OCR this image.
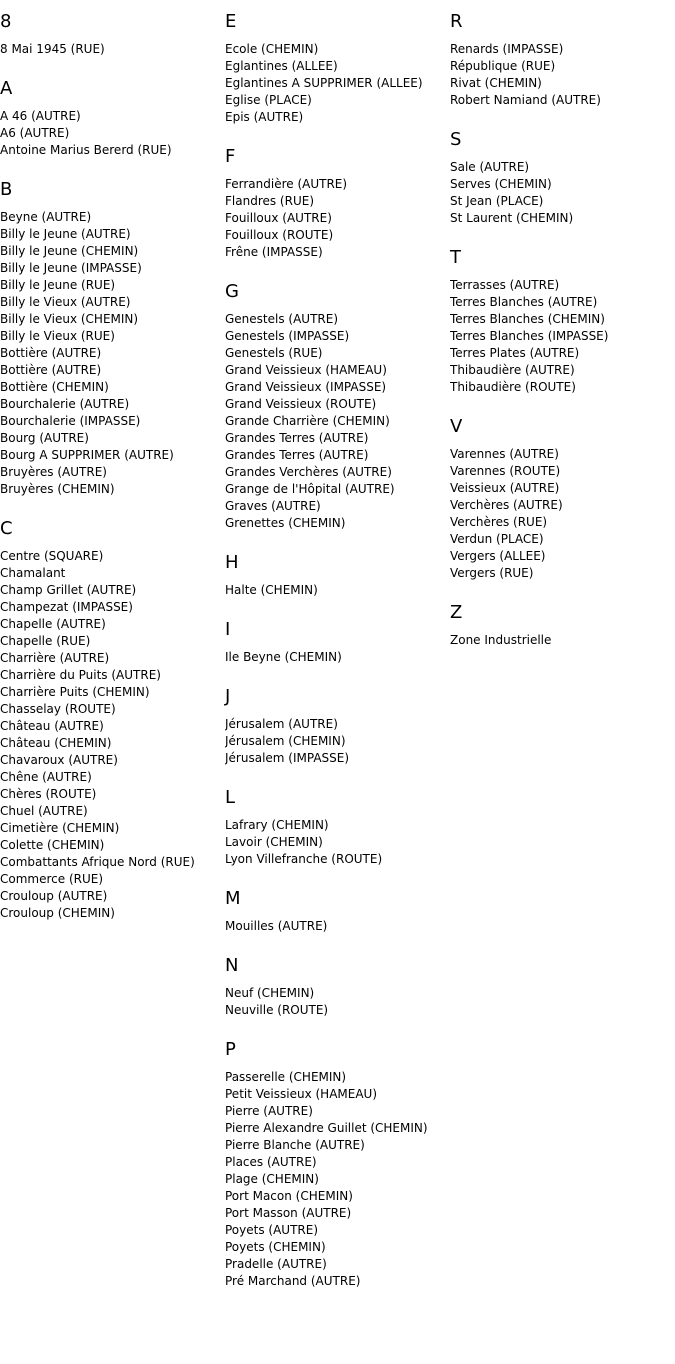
8
8 Mai 1945 (RUE)
A
A 46 (AUTRE)
A6 (AUTRE)
Antoine Marius Bererd (RUE)
B
Beyne (AUTRE)
Billy le Jeune (AUTRE)
Billy le Jeune (CHEMIN)
Billy le Jeune (IMPASSE)
Billy le Jeune (RUE)
Billy le Vieux (AUTRE)
Billy le Vieux (CHEMIN)
Billy le Vieux (RUE)
Bottière (AUTRE)
Bottière (AUTRE)
Bottière (CHEMIN)
Bourchalerie (AUTRE)
Bourchalerie (IMPASSE)
Bourg (AUTRE)
Bourg A SUPPRIMER (AUTRE)
Bruyères (AUTRE)
Bruyères (CHEMIN)
C
Centre (SQUARE)
Chamalant
Champ Grillet (AUTRE)
Champezat (IMPASSE)
Chapelle (AUTRE)
Chapelle (RUE)
Charrière (AUTRE)
Charrière du Puits (AUTRE)
Charrière Puits (CHEMIN)
Chasselay (ROUTE)
Château (AUTRE)
Château (CHEMIN)
Chavaroux (AUTRE)
Chêne (AUTRE)
Chères (ROUTE)
Chuel (AUTRE)
Cimetière (CHEMIN)
Colette (CHEMIN)
Combattants Afrique Nord (RUE)
Commerce (RUE)
Crouloup (AUTRE)
Crouloup (CHEMIN)
E
Ecole (CHEMIN)
Eglantines (ALLEE)
Eglantines A SUPPRIMER (ALLEE)
Eglise (PLACE)
Epis (AUTRE)
F
Ferrandière (AUTRE)
Flandres (RUE)
Fouilloux (AUTRE)
Fouilloux (ROUTE)
Frêne (IMPASSE)
G
Genestels (AUTRE)
Genestels (IMPASSE)
Genestels (RUE)
Grand Veissieux (HAMEAU)
Grand Veissieux (IMPASSE)
Grand Veissieux (ROUTE)
Grande Charrière (CHEMIN)
Grandes Terres (AUTRE)
Grandes Terres (AUTRE)
Grandes Verchères (AUTRE)
Grange de l'Hôpital (AUTRE)
Graves (AUTRE)
Grenettes (CHEMIN)
H
Halte (CHEMIN)
I
Ile Beyne (CHEMIN)
J
Jérusalem (AUTRE)
Jérusalem (CHEMIN)
Jérusalem (IMPASSE)
L
Lafrary (CHEMIN)
Lavoir (CHEMIN)
Lyon Villefranche (ROUTE)
M
Mouilles (AUTRE)
N
Neuf (CHEMIN)
Neuville (ROUTE)
P
Passerelle (CHEMIN)
Petit Veissieux (HAMEAU)
Pierre (AUTRE)
Pierre Alexandre Guillet (CHEMIN)
Pierre Blanche (AUTRE)
Places (AUTRE)
Plage (CHEMIN)
Port Macon (CHEMIN)
Port Masson (AUTRE)
Poyets (AUTRE)
Poyets (CHEMIN)
Pradelle (AUTRE)
Pré Marchand (AUTRE)
R
Renards (IMPASSE)
République (RUE)
Rivat (CHEMIN)
Robert Namiand (AUTRE)
S
Sale (AUTRE)
Serves (CHEMIN)
St Jean (PLACE)
St Laurent (CHEMIN)
T
Terrasses (AUTRE)
Terres Blanches (AUTRE)
Terres Blanches (CHEMIN)
Terres Blanches (IMPASSE)
Terres Plates (AUTRE)
Thibaudière (AUTRE)
Thibaudière (ROUTE)
V
Varennes (AUTRE)
Varennes (ROUTE)
Veissieux (AUTRE)
Verchères (AUTRE)
Verchères (RUE)
Verdun (PLACE)
Vergers (ALLEE)
Vergers (RUE)
Z
Zone Industrielle
